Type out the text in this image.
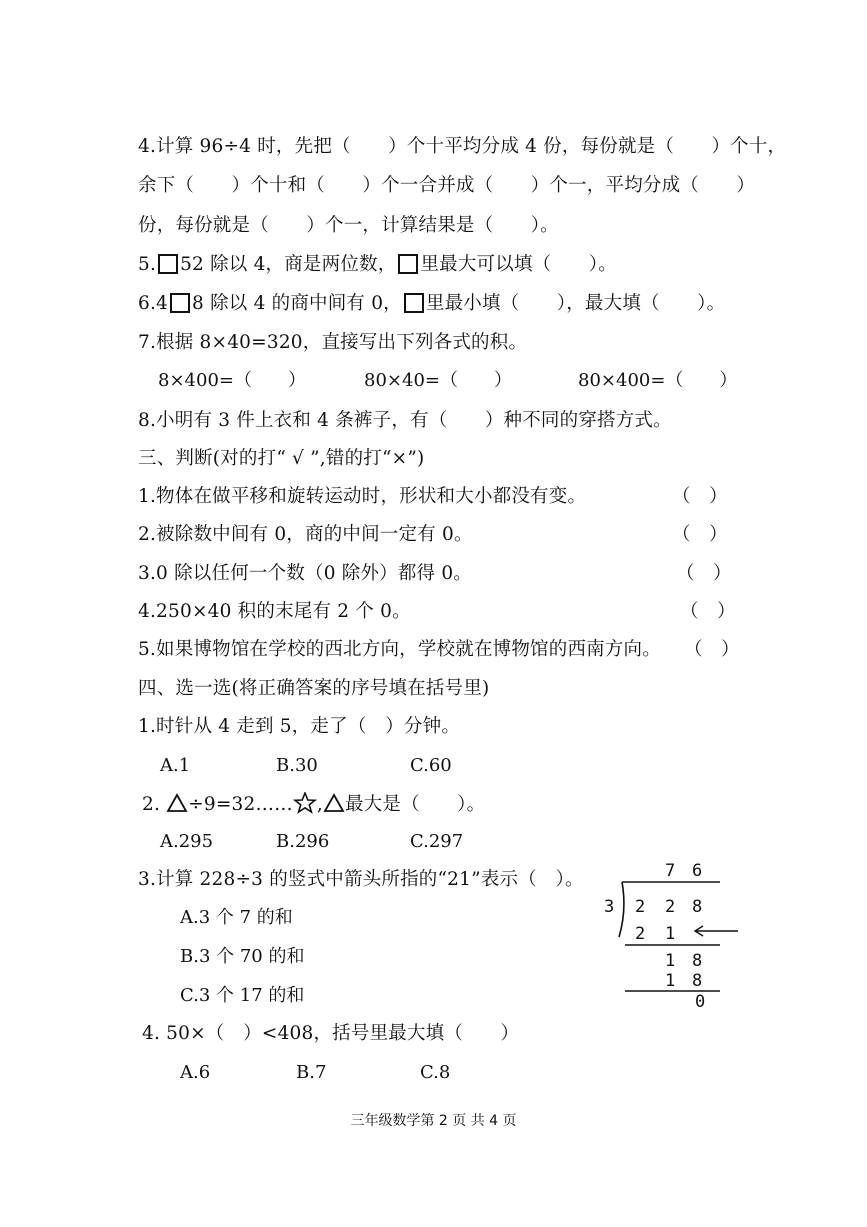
4.计算 96÷4 时，先把（　　）个十平均分成 4 份，每份就是（　　）个十，
余下（　　）个十和（　　）个一合并成（　　）个一，平均分成（　　）
份，每份就是（　　）个一，计算结果是（　　）。
5. 52 除以 4，商是两位数， 里最大可以填（　　）。
6.4 8 除以 4 的商中间有 0， 里最小填（　　），最大填（　　）。
7.根据 8×40=320，直接写出下列各式的积。
8×400=（　　）	80×40=（　　）	80×400=（　　）
8.小明有 3 件上衣和 4 条裤子，有（　　）种不同的穿搭方式。
三、判断(对的打“ √ ”,错的打“×”)
1.物体在做平移和旋转运动时，形状和大小都没有变。	（　）
2.被除数中间有 0，商的中间一定有 0。	（　）
3.0 除以任何一个数（0 除外）都得 0。	（　）
4.250×40 积的末尾有 2 个 0。	（　）
5.如果博物馆在学校的西北方向，学校就在博物馆的西南方向。 （　）
四、选一选(将正确答案的序号填在括号里)
1.时针从 4 走到 5，走了（　）分钟。
A.1	B.30	C.60
2. ÷9=32…… , 最大是（　　）。
A.295	B.296	C.297
3.计算 228÷3 的竖式中箭头所指的“21”表示（　）。
A.3 个 7 的和
B.3 个 70 的和
C.3 个 17 的和
7 6
3 2 2 8
2 1
1 8
1 8
0
4. 50×（　）<408，括号里最大填（　　）
A.6	B.7	C.8
三年级数学第 2 页 共 4 页
